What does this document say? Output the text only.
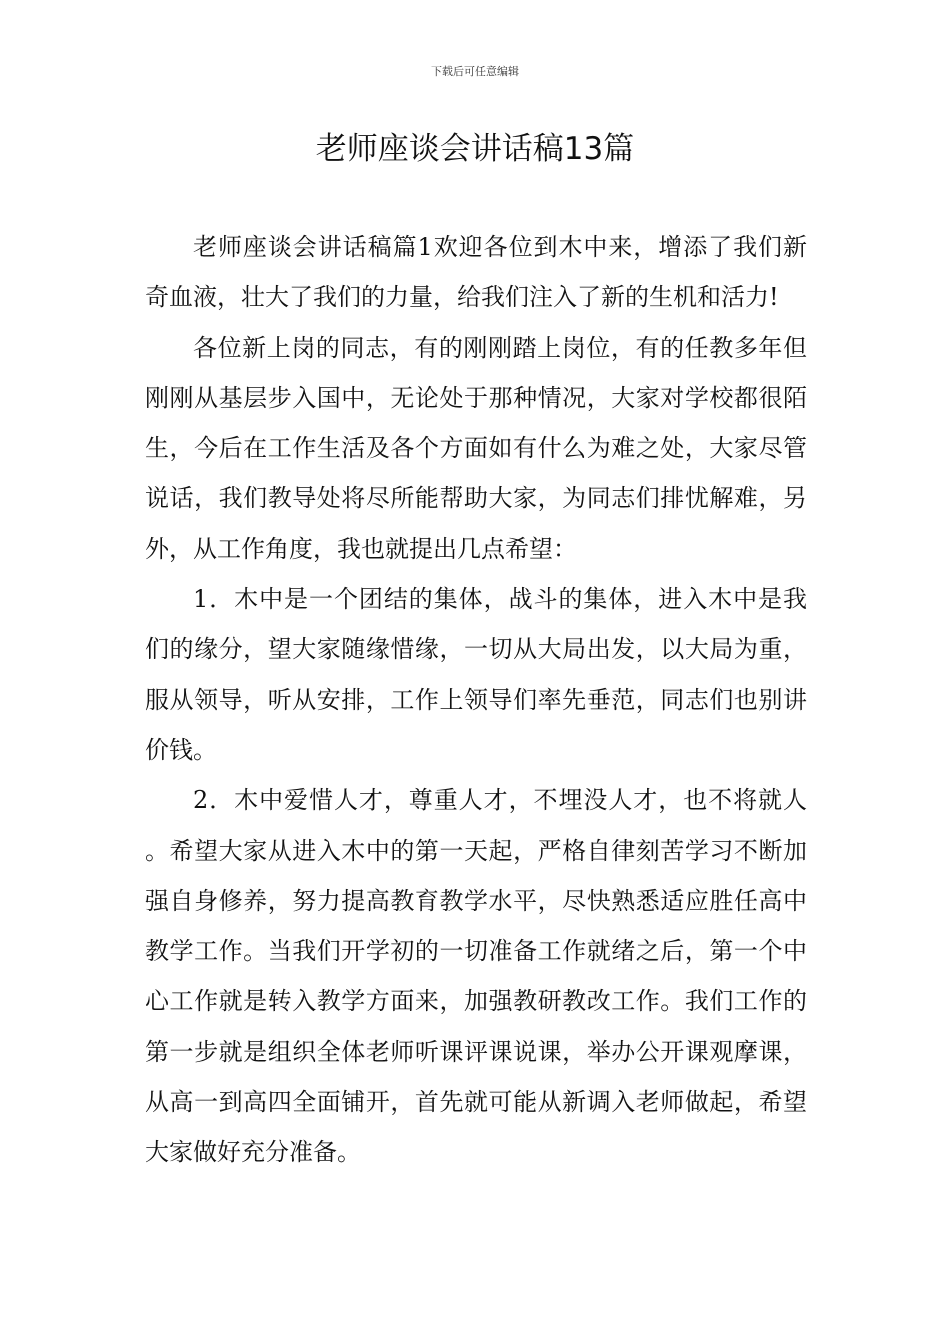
下载后可任意编辑
老师座谈会讲话稿13篇

老师座谈会讲话稿篇1欢迎各位到木中来，增添了我们新奇血液，壮大了我们的力量，给我们注入了新的生机和活力!

各位新上岗的同志，有的刚刚踏上岗位，有的任教多年但刚刚从基层步入国中，无论处于那种情况，大家对学校都很陌生，今后在工作生活及各个方面如有什么为难之处，大家尽管说话，我们教导处将尽所能帮助大家，为同志们排忧解难，另外，从工作角度，我也就提出几点希望：

1．木中是一个团结的集体，战斗的集体，进入木中是我们的缘分，望大家随缘惜缘，一切从大局出发，以大局为重，服从领导，听从安排，工作上领导们率先垂范，同志们也别讲价钱。

2．木中爱惜人才，尊重人才，不埋没人才，也不将就人。希望大家从进入木中的第一天起，严格自律刻苦学习不断加强自身修养，努力提高教育教学水平，尽快熟悉适应胜任高中教学工作。当我们开学初的一切准备工作就绪之后，第一个中心工作就是转入教学方面来，加强教研教改工作。我们工作的第一步就是组织全体老师听课评课说课，举办公开课观摩课，从高一到高四全面铺开，首先就可能从新调入老师做起，希望大家做好充分准备。
